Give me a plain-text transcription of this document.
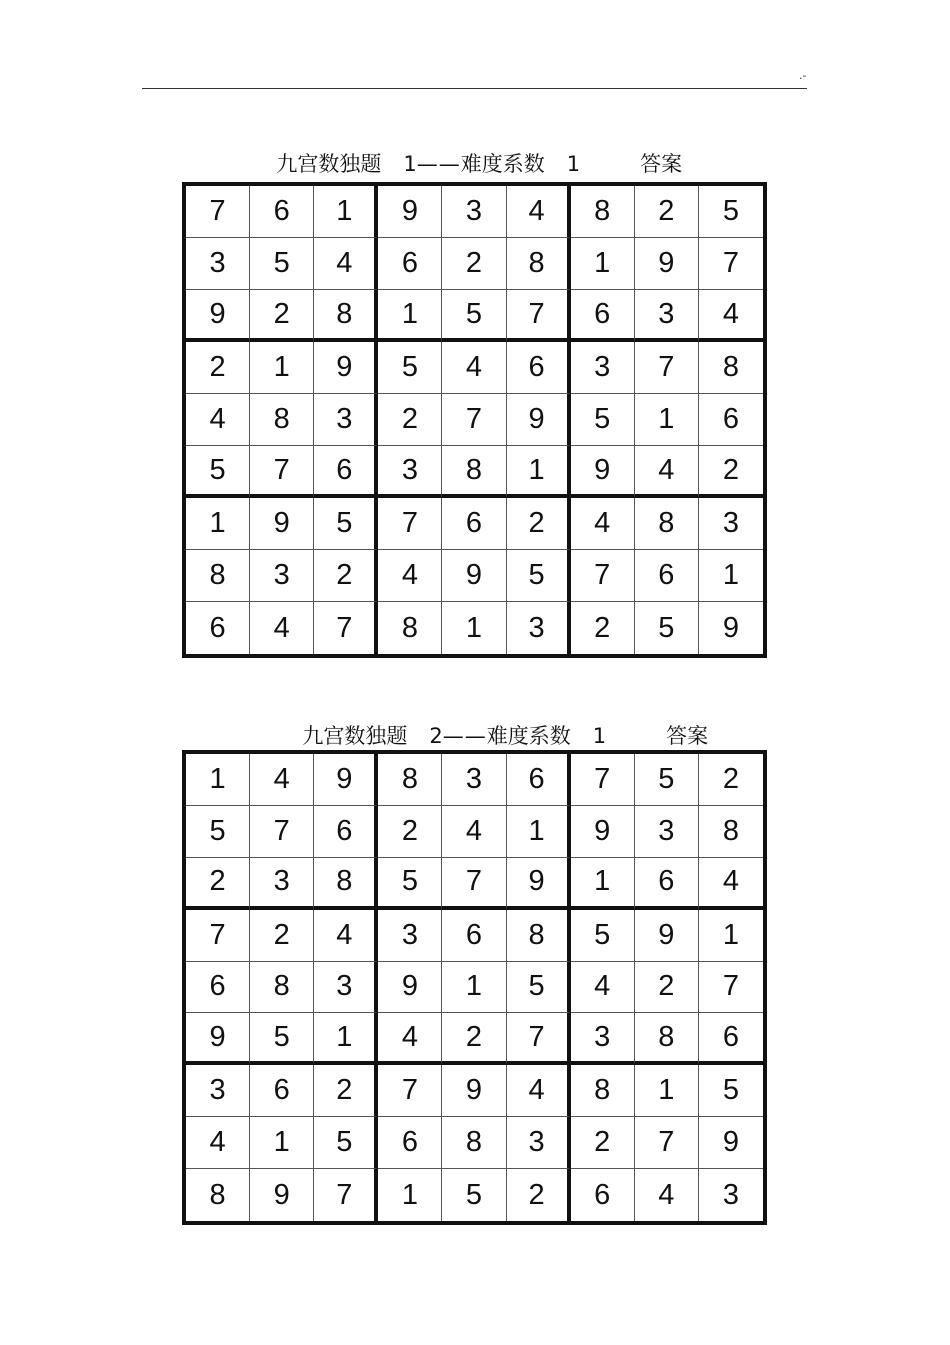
.-

九宫数独题 1——难度系数 1	答案

7	6	1	9	3	4	8	2	5
3	5	4	6	2	8	1	9	7
9	2	8	1	5	7	6	3	4
2	1	9	5	4	6	3	7	8
4	8	3	2	7	9	5	1	6
5	7	6	3	8	1	9	4	2
1	9	5	7	6	2	4	8	3
8	3	2	4	9	5	7	6	1
6	4	7	8	1	3	2	5	9

九宫数独题 2——难度系数 1	答案

1	4	9	8	3	6	7	5	2
5	7	6	2	4	1	9	3	8
2	3	8	5	7	9	1	6	4
7	2	4	3	6	8	5	9	1
6	8	3	9	1	5	4	2	7
9	5	1	4	2	7	3	8	6
3	6	2	7	9	4	8	1	5
4	1	5	6	8	3	2	7	9
8	9	7	1	5	2	6	4	3
